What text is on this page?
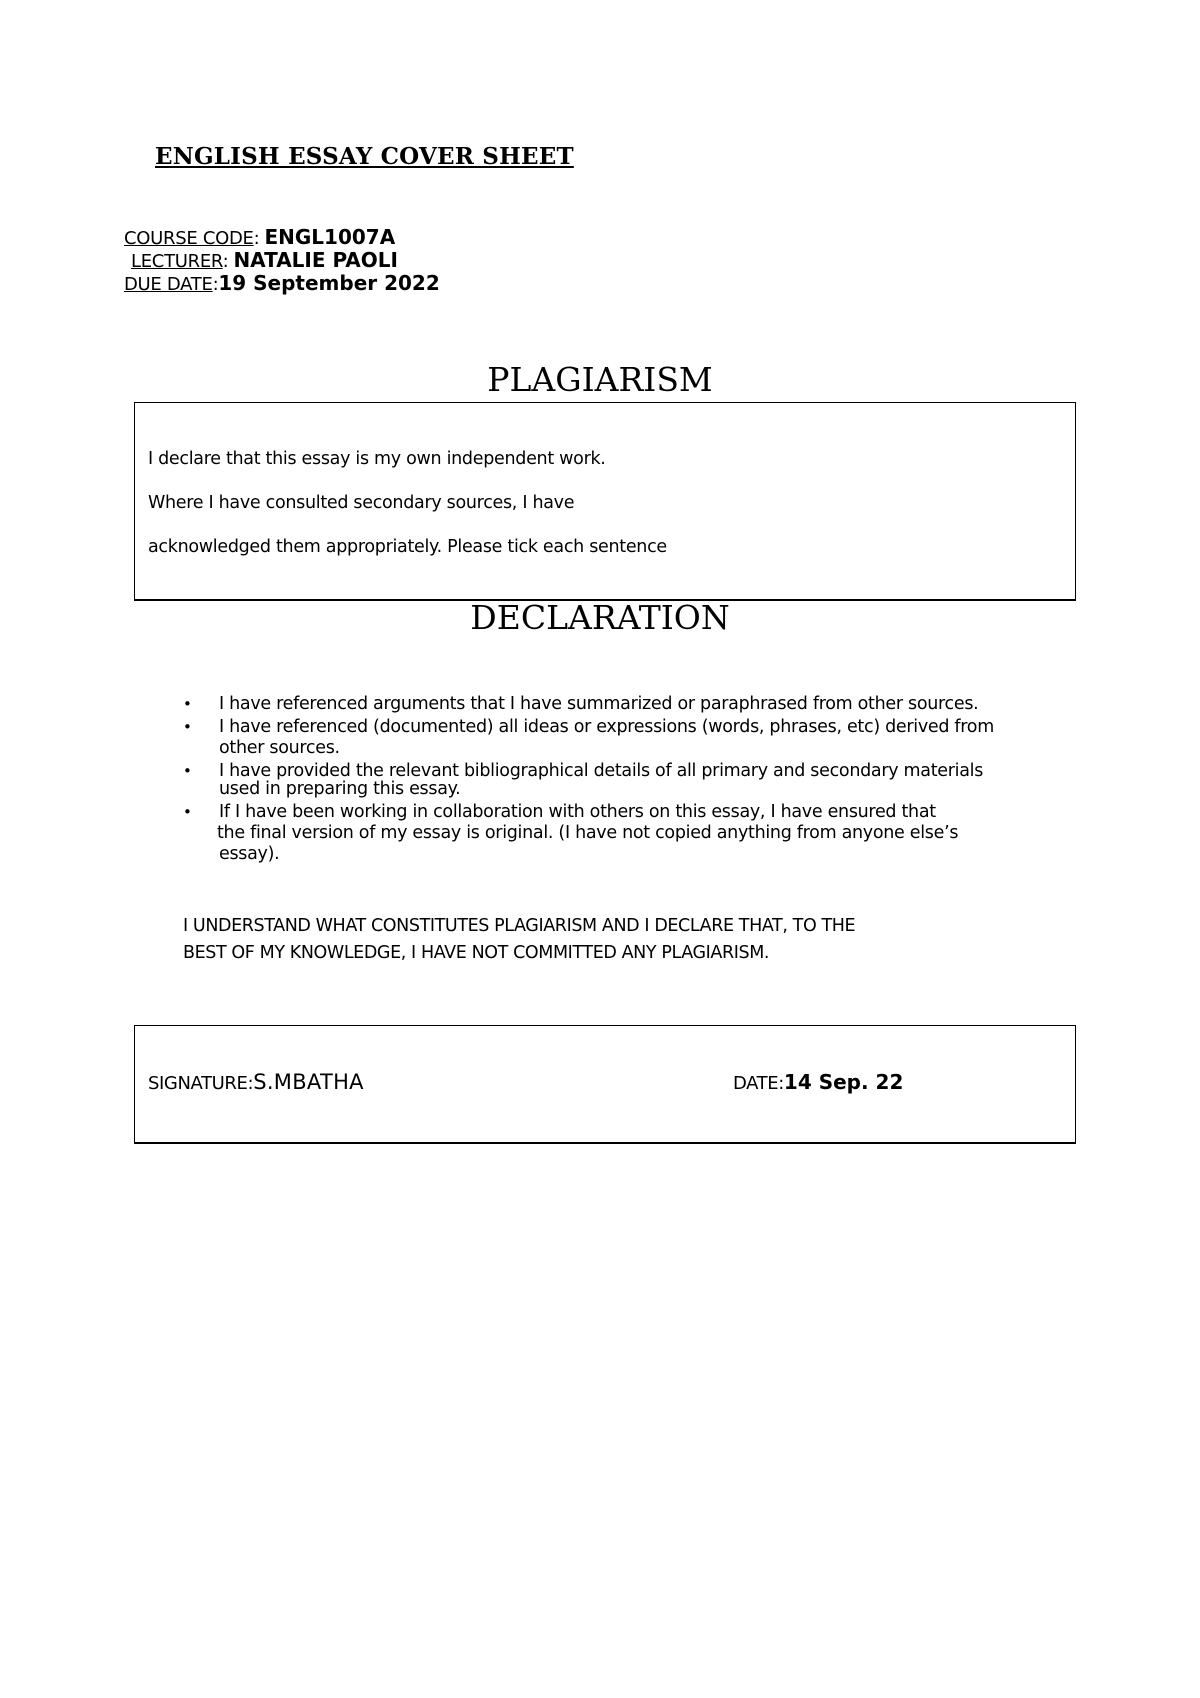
ENGLISH ESSAY COVER SHEET
COURSE CODE: ENGL1007A
LECTURER: NATALIE PAOLI
DUE DATE:19 September 2022
PLAGIARISM
I declare that this essay is my own independent work.
Where I have consulted secondary sources, I have
acknowledged them appropriately. Please tick each sentence
DECLARATION
• I have referenced arguments that I have summarized or paraphrased from other sources.
• I have referenced (documented) all ideas or expressions (words, phrases, etc) derived from
other sources.
• I have provided the relevant bibliographical details of all primary and secondary materials
used in preparing this essay.
• If I have been working in collaboration with others on this essay, I have ensured that
the final version of my essay is original. (I have not copied anything from anyone else’s
essay).
I UNDERSTAND WHAT CONSTITUTES PLAGIARISM AND I DECLARE THAT, TO THE
BEST OF MY KNOWLEDGE, I HAVE NOT COMMITTED ANY PLAGIARISM.
SIGNATURE:S.MBATHA	DATE:14 Sep. 22
